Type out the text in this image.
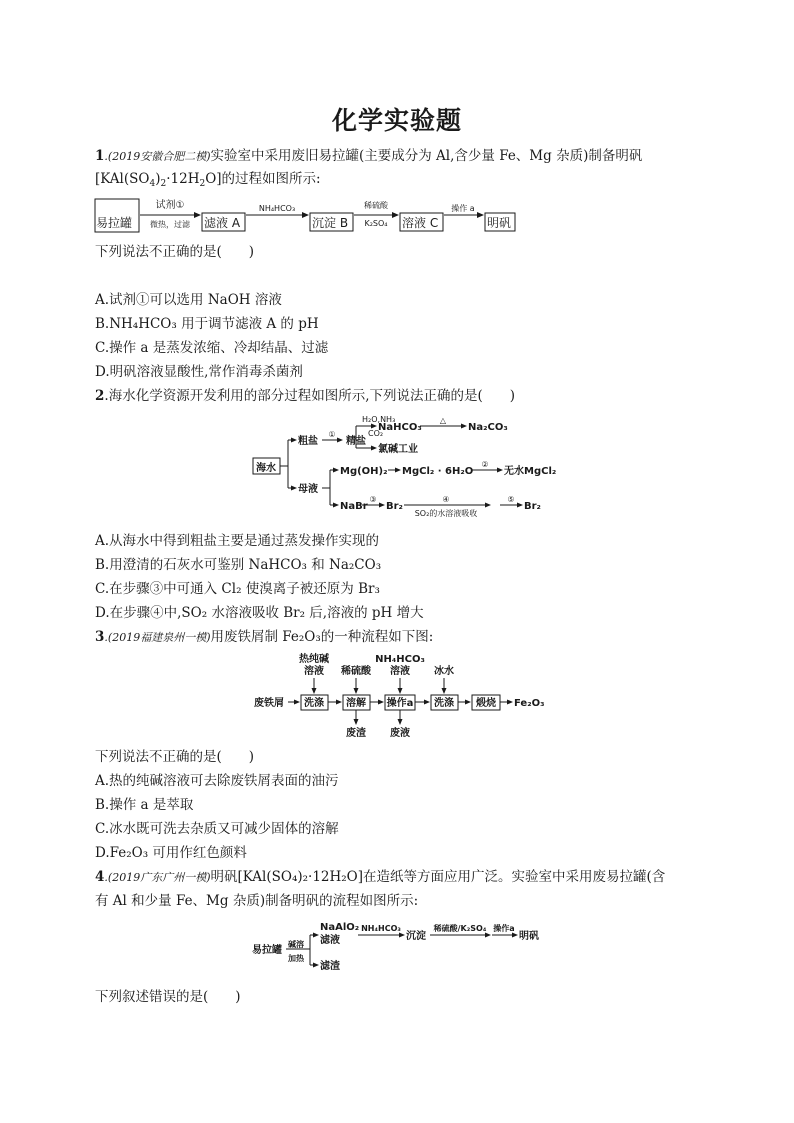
化学实验题
1.(2019安徽合肥二模)实验室中采用废旧易拉罐(主要成分为 Al,含少量 Fe、Mg 杂质)制备明矾
$[KAl(SO_4)_2\cdot 12H_2O]$的过程如图所示:
易拉罐
试剂①
微热，过滤 滤液 A
NH₄HCO₃
沉淀 B
稀硫酸
K₂SO₄ 溶液 C
操作 a
明矾
下列说法不正确的是(　　)
A.试剂①可以选用 NaOH 溶液
B.NH₄HCO₃ 用于调节滤液 A 的 pH
C.操作 a 是蒸发浓缩、冷却结晶、过滤
D.明矾溶液显酸性,常作消毒杀菌剂
2.海水化学资源开发利用的部分过程如图所示,下列说法正确的是(　　)
海水
粗盐
①
精盐
H₂O,NH₃
CO₂
NaHCO₃
△
Na₂CO₃
氯碱工业
母液
Mg(OH)₂ MgCl₂ · 6H₂O
②
无水MgCl₂
NaBr
③
Br₂
④
SO₂的水溶液吸收
⑤
Br₂
A.从海水中得到粗盐主要是通过蒸发操作实现的
B.用澄清的石灰水可鉴别 NaHCO₃ 和 Na₂CO₃
C.在步骤③中可通入 Cl₂ 使溴离子被还原为 Br₃
D.在步骤④中,SO₂ 水溶液吸收 Br₂ 后,溶液的 pH 增大
3.(2019福建泉州一模)用废铁屑制 Fe₂O₃的一种流程如下图:
热纯碱
溶液 稀硫酸
NH₄HCO₃
溶液 冰水
废铁屑 洗涤 溶解 操作a 洗涤 煅烧 Fe₂O₃
废渣 废液
下列说法不正确的是(　　)
A.热的纯碱溶液可去除废铁屑表面的油污
B.操作 a 是萃取
C.冰水既可洗去杂质又可减少固体的溶解
D.Fe₂O₃ 可用作红色颜料
4.(2019广东广州一模)明矾[KAl(SO₄)₂·12H₂O]在造纸等方面应用广泛。实验室中采用废易拉罐(含
有 Al 和少量 Fe、Mg 杂质)制备明矾的流程如图所示:
易拉罐
碱溶
加热
NaAlO₂
滤液
滤渣
NH₄HCO₃
沉淀
稀硫酸/K₂SO₄ 操作a
明矾
下列叙述错误的是(　　)
